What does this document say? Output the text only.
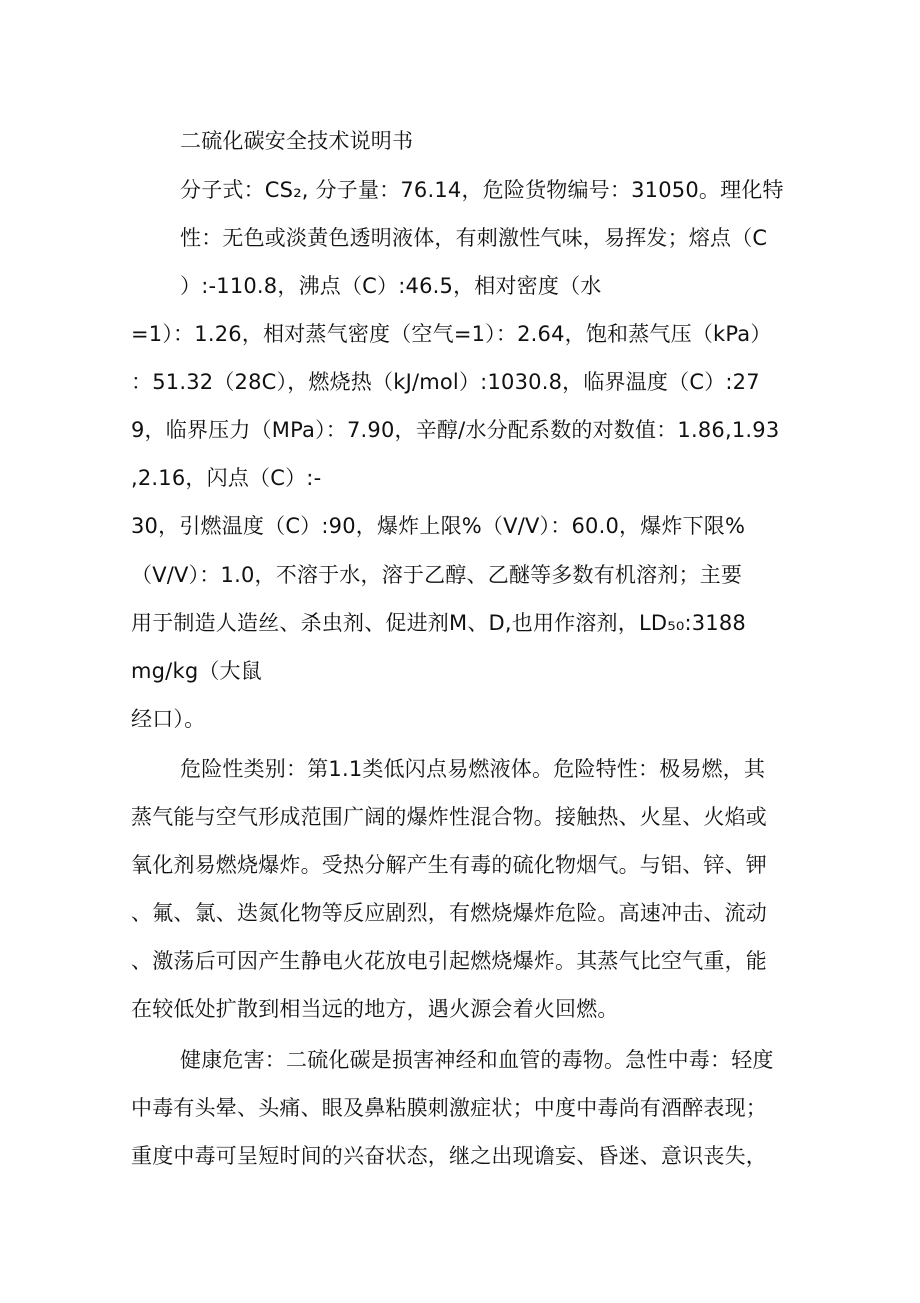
二硫化碳安全技术说明书
分子式：CS₂, 分子量：76.14，危险货物编号：31050。理化特
性：无色或淡黄色透明液体，有刺激性气味，易挥发；熔点（C
）:-110.8，沸点（C）:46.5，相对密度（水
=1）：1.26，相对蒸气密度（空气=1）：2.64，饱和蒸气压（kPa）
：51.32（28C），燃烧热（kJ/mol）:1030.8，临界温度（C）:27
9，临界压力（MPa）：7.90，辛醇/水分配系数的对数值：1.86,1.93
,2.16，闪点（C）:-
30，引燃温度（C）:90，爆炸上限%（V/V）：60.0，爆炸下限%
（V/V）：1.0，不溶于水，溶于乙醇、乙醚等多数有机溶剂；主要
用于制造人造丝、杀虫剂、促进剂M、D,也用作溶剂，LD₅₀:3188
mg/kg（大鼠
经口）。
危险性类别：第1.1类低闪点易燃液体。危险特性：极易燃，其
蒸气能与空气形成范围广阔的爆炸性混合物。接触热、火星、火焰或
氧化剂易燃烧爆炸。受热分解产生有毒的硫化物烟气。与铝、锌、钾
、氟、氯、迭氮化物等反应剧烈，有燃烧爆炸危险。高速冲击、流动
、激荡后可因产生静电火花放电引起燃烧爆炸。其蒸气比空气重，能
在较低处扩散到相当远的地方，遇火源会着火回燃。
健康危害：二硫化碳是损害神经和血管的毒物。急性中毒：轻度
中毒有头晕、头痛、眼及鼻粘膜刺激症状；中度中毒尚有酒醉表现；
重度中毒可呈短时间的兴奋状态，继之出现谵妄、昏迷、意识丧失，
